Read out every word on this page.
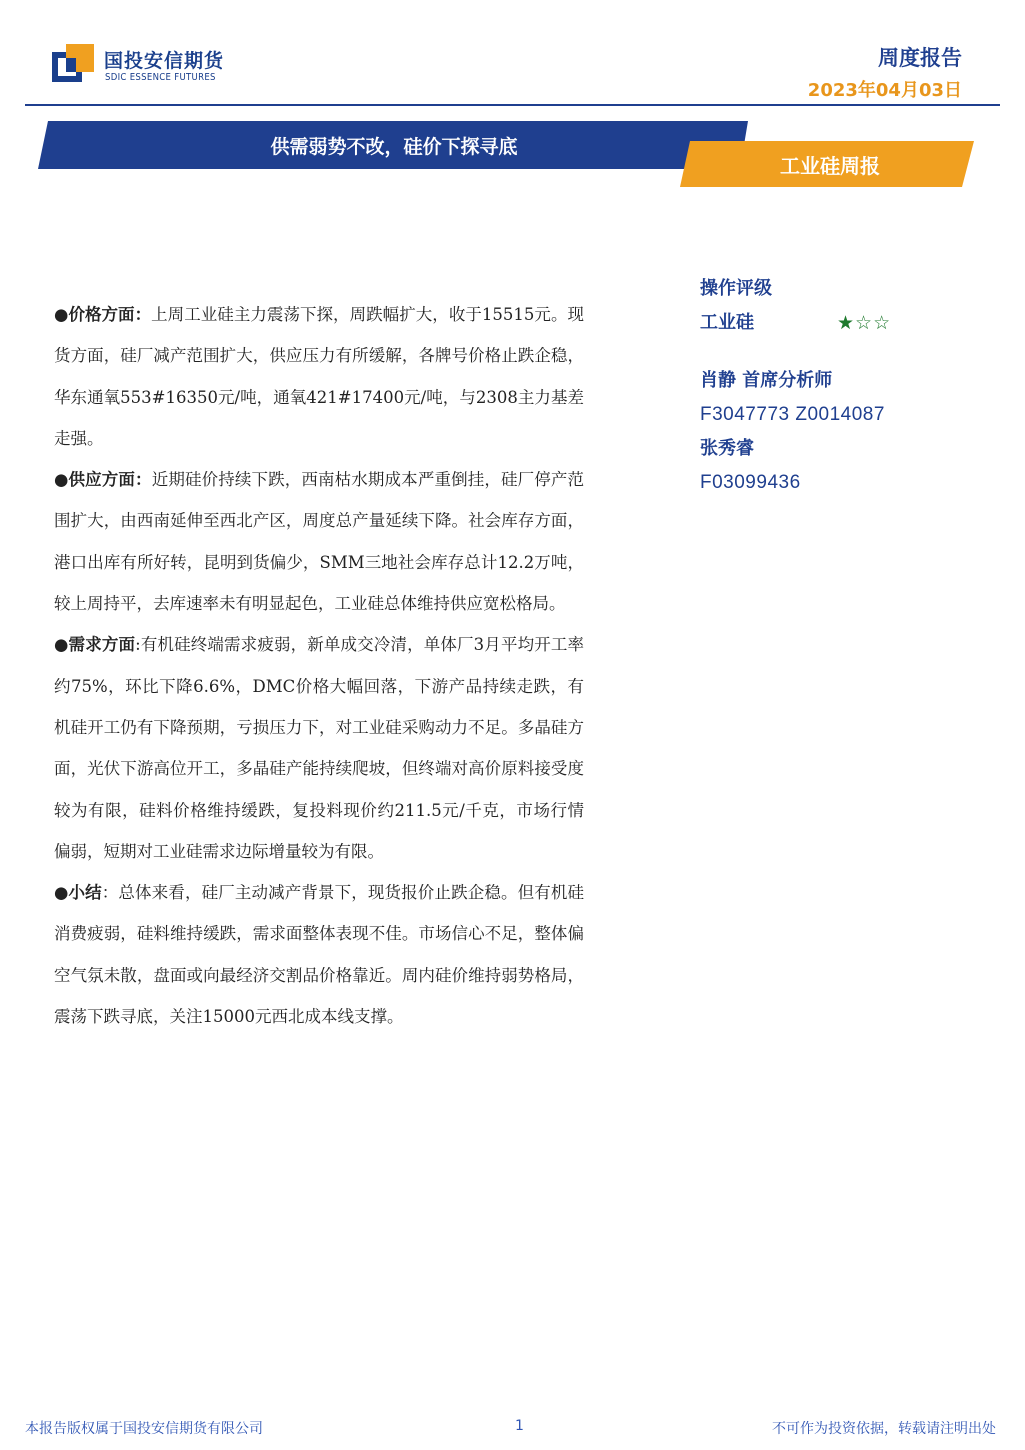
国投安信期货
SDIC ESSENCE FUTURES
周度报告
2023年04月03日
供需弱势不改，硅价下探寻底
工业硅周报

●价格方面：上周工业硅主力震荡下探，周跌幅扩大，收于15515元。现货方面，硅厂减产范围扩大，供应压力有所缓解，各牌号价格止跌企稳，华东通氧553#16350元/吨，通氧421#17400元/吨，与2308主力基差走强。

●供应方面：近期硅价持续下跌，西南枯水期成本严重倒挂，硅厂停产范围扩大，由西南延伸至西北产区，周度总产量延续下降。社会库存方面，港口出库有所好转，昆明到货偏少，SMM三地社会库存总计12.2万吨，较上周持平，去库速率未有明显起色，工业硅总体维持供应宽松格局。

●需求方面:有机硅终端需求疲弱，新单成交冷清，单体厂3月平均开工率约75%，环比下降6.6%，DMC价格大幅回落，下游产品持续走跌，有机硅开工仍有下降预期，亏损压力下，对工业硅采购动力不足。多晶硅方面，光伏下游高位开工，多晶硅产能持续爬坡，但终端对高价原料接受度较为有限，硅料价格维持缓跌，复投料现价约211.5元/千克，市场行情偏弱，短期对工业硅需求边际增量较为有限。

●小结：总体来看，硅厂主动减产背景下，现货报价止跌企稳。但有机硅消费疲弱，硅料维持缓跌，需求面整体表现不佳。市场信心不足，整体偏空气氛未散，盘面或向最经济交割品价格靠近。周内硅价维持弱势格局，震荡下跌寻底，关注15000元西北成本线支撑。

操作评级
工业硅	★☆☆
肖静 首席分析师
F3047773 Z0014087
张秀睿
F03099436
本报告版权属于国投安信期货有限公司	1	不可作为投资依据，转载请注明出处
